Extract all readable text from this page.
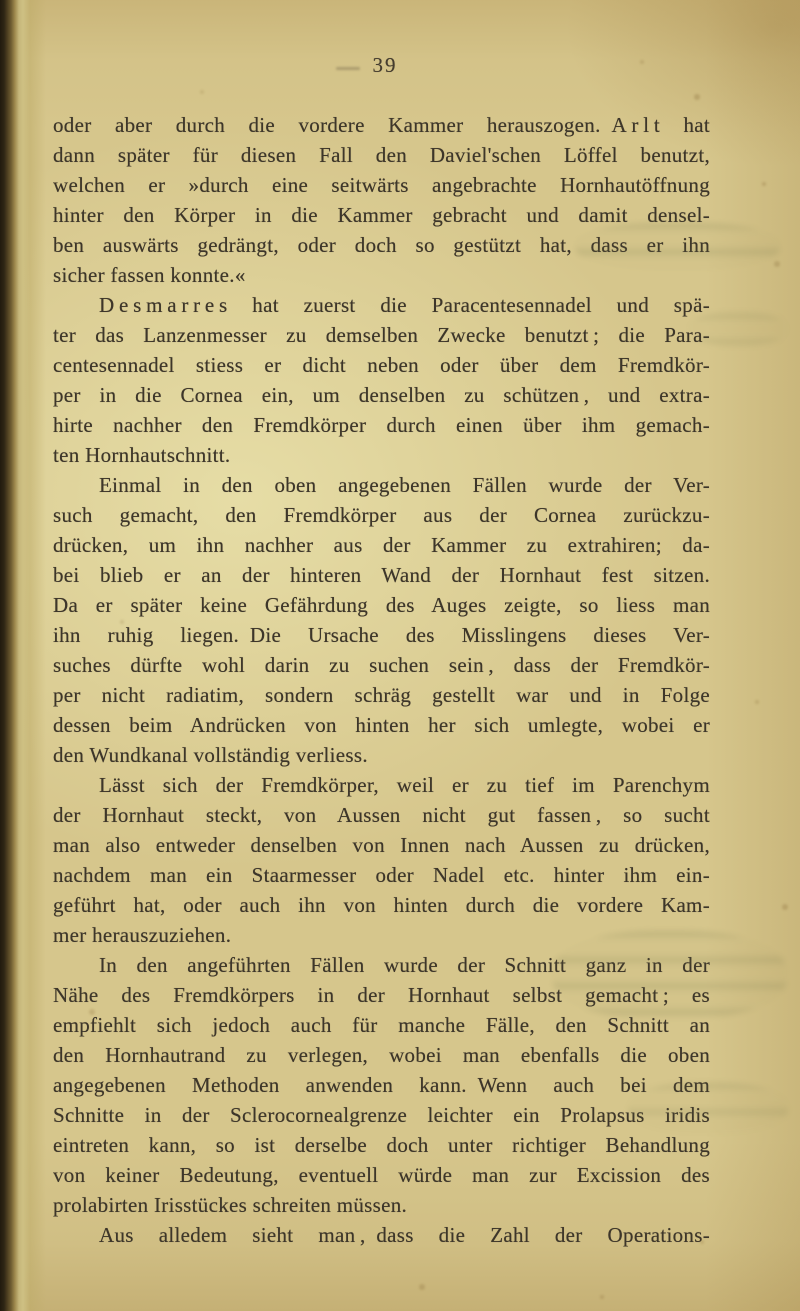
39
oder aber durch die vordere Kammer herauszogen. A r l t hat
dann später für diesen Fall den Daviel'schen Löffel benutzt,
welchen er »durch eine seitwärts angebrachte Hornhautöffnung
hinter den Körper in die Kammer gebracht und damit densel-
ben auswärts gedrängt, oder doch so gestützt hat, dass er ihn
sicher fassen konnte.«
D e s m a r r e s hat zuerst die Paracentesennadel und spä-
ter das Lanzenmesser zu demselben Zwecke benutzt ; die Para-
centesennadel stiess er dicht neben oder über dem Fremdkör-
per in die Cornea ein, um denselben zu schützen , und extra-
hirte nachher den Fremdkörper durch einen über ihm gemach-
ten Hornhautschnitt.
Einmal in den oben angegebenen Fällen wurde der Ver-
such gemacht, den Fremdkörper aus der Cornea zurückzu-
drücken, um ihn nachher aus der Kammer zu extrahiren; da-
bei blieb er an der hinteren Wand der Hornhaut fest sitzen.
Da er später keine Gefährdung des Auges zeigte, so liess man
ihn ruhig liegen. Die Ursache des Misslingens dieses Ver-
suches dürfte wohl darin zu suchen sein , dass der Fremdkör-
per nicht radiatim, sondern schräg gestellt war und in Folge
dessen beim Andrücken von hinten her sich umlegte, wobei er
den Wundkanal vollständig verliess.
Lässt sich der Fremdkörper, weil er zu tief im Parenchym
der Hornhaut steckt, von Aussen nicht gut fassen , so sucht
man also entweder denselben von Innen nach Aussen zu drücken,
nachdem man ein Staarmesser oder Nadel etc. hinter ihm ein-
geführt hat, oder auch ihn von hinten durch die vordere Kam-
mer herauszuziehen.
In den angeführten Fällen wurde der Schnitt ganz in der
Nähe des Fremdkörpers in der Hornhaut selbst gemacht ; es
empfiehlt sich jedoch auch für manche Fälle, den Schnitt an
den Hornhautrand zu verlegen, wobei man ebenfalls die oben
angegebenen Methoden anwenden kann. Wenn auch bei dem
Schnitte in der Sclerocornealgrenze leichter ein Prolapsus iridis
eintreten kann, so ist derselbe doch unter richtiger Behandlung
von keiner Bedeutung, eventuell würde man zur Excission des
prolabirten Irisstückes schreiten müssen.
Aus alledem sieht man , dass die Zahl der Operations-
